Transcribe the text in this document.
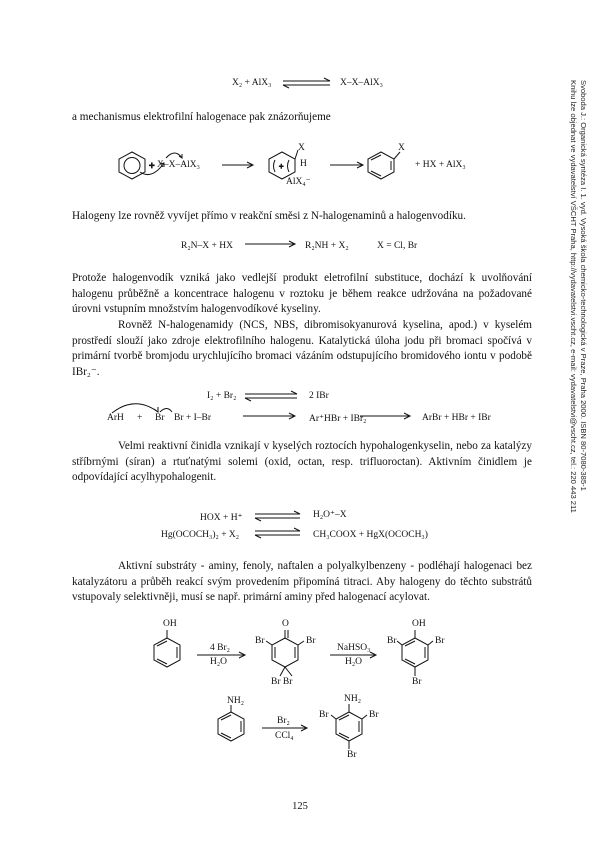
X₂ + AlX₃	X–X–AlX₃
a mechanismus elektrofilní halogenace pak znázorňujeme
X–X–AlX₃
X
H
AlX₄⁻
X
+ HX + AlX₃
Halogeny lze rovněž vyvíjet přímo v reakční směsi z N-halogenaminů a halogenvodíku.
R₂N–X + HX	R₂NH + X₂	X = Cl, Br
Protože halogenvodík vzniká jako vedlejší produkt eletrofilní substituce, dochází k uvolňování halogenu průběžně a koncentrace halogenu v roztoku je během reakce udržována na požadované úrovni vstupním množstvím halogenvodíkové kyseliny.
Rovněž N-halogenamidy (NCS, NBS, dibromisokyanurová kyselina, apod.) v kyselém prostředí slouží jako zdroje elektrofilního halogenu. Katalytická úloha jodu při bromaci spočívá v primární tvorbě bromjodu urychlujícího bromaci vázáním odstupujícího bromidového iontu v podobě IBr₂⁻.
I₂ + Br₂	2 IBr
ArH + Br Br + I–Br	Ar⁺HBr + IBr₂⁻	ArBr + HBr + IBr
Velmi reaktivní činidla vznikají v kyselých roztocích hypohalogenkyselin, nebo za katalýzy stříbrnými (síran) a rtuťnatými solemi (oxid, octan, resp. trifluoroctan). Aktivním činidlem je odpovídající acylhypohalogenit.
HOX + H⁺	H₂O⁺–X
Hg(OCOCH₃)₂ + X₂	CH₃COOX + HgX(OCOCH₃)
Aktivní substráty - aminy, fenoly, naftalen a polyalkylbenzeny - podléhají halogenaci bez katalyzátoru a průběh reakcí svým provedením připomíná titraci. Aby halogeny do těchto substrátů vstupovaly selektivněji, musí se např. primární aminy před halogenací acylovat.
OH
4 Br₂
H₂O
O
Br	Br
Br Br
NaHSO₃
H₂O
OH
Br	Br
Br
NH₂
Br₂
CCl₄
NH₂
Br	Br
Br
+	+
125
Svoboda J.: Organická syntéza I. 1. vyd. Vysoká škola chemicko-technologická v Praze, Praha 2000. ISBN 80-7080-385-1
Knihu lze objednat ve vydavatelství VŠCHT Praha, http://vydavatelstvi.vscht.cz, e-mail: vydavatelstvi@vscht.cz, tel.: 220 443 211
